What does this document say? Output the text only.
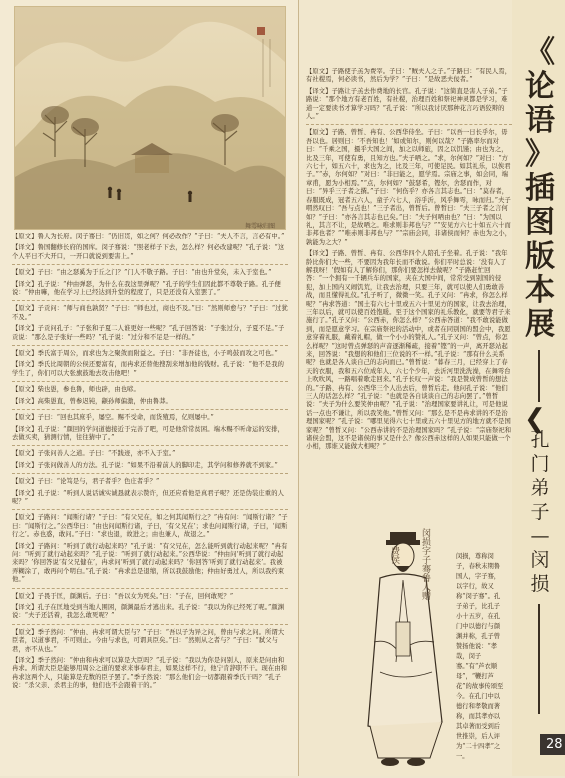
舞雩咏归图
【原文】鲁人为长府。闵子骞曰：“仍旧贯，如之何？何必改作？”子曰：“夫人不言，言必有中。”
【译文】鲁国翻修长府的国库。闵子骞说：“照老样子下去，怎么样？何必改建呢？”孔子说：“这个人平日不大开口，一开口就说到要害上。”
【原文】子曰：“由之瑟奚为于丘之门？”门人不敬子路。子曰：“由也升堂矣，未入于室也。”
【译文】孔子说：“仲由弹瑟，为什么在我这里弹呢？”孔子的学生们因此都不尊敬子路。孔子便说：“仲由嘛，他在学习上已经达到升堂的程度了，只是还没有入室罢了。”
【原文】子贡问：“师与商也孰贤？”子曰：“师也过，商也不及。”曰：“然则师愈与？”子曰：“过犹不及。”
【译文】子贡问孔子：“子张和子夏二人谁更好一些呢？”孔子回答说：“子张过分，子夏不足。”子贡说：“那么是子张好一些吗？”孔子说：“过分和不足是一样的。”
【原文】季氏富于周公，而求也为之聚敛而附益之。子曰：“非吾徒也，小子鸣鼓而攻之可也。”
【译文】季氏比周朝的公侯还要富有，而冉求还替他搜刮来增加他的钱财。孔子说：“他不是我的学生了，你们可以大张旗鼓地去攻击他吧！”
【原文】柴也愚，参也鲁，师也辟，由也喭。
【译文】高柴愚直，曾参迟钝，颛孙师偏激，仲由鲁莽。
【原文】子曰：“回也其庶乎，屡空。赐不受命，而货殖焉，亿则屡中。”
【译文】孔子说：“颜回的学问道德接近于完善了吧，可是他常常贫困。端木赐不听命运的安排，去做买卖，猜测行情，往往猜中了。”
【原文】子张问善人之道。子曰：“不践迹，亦不入于室。”
【译文】子张问做善人的方法。孔子说：“如果不沿着前人的脚印走，其学问和修养就不到家。”
【原文】子曰：“论笃是与，君子者乎？色庄者乎？”
【译文】孔子说：“听到人说话诚实诚恳就表示赞许，但还应看他是真君子呢？还是伪装庄重的人呢？”
【原文】子路问：“闻斯行诸？”子曰：“有父兄在，如之何其闻斯行之？”冉有问：“闻斯行诸？”子曰：“闻斯行之。”公西华曰：“由也问闻斯行诸，子曰，‘有父兄在’；求也问闻斯行诸，子曰，‘闻斯行之’。赤也惑，敢问。”子曰：“求也退，故进之；由也兼人，故退之。”
【译文】子路问：“听到了就行动起来吗？”孔子说：“有父兄在，怎么能听到就行动起来呢？”冉有问：“听到了就行动起来吗？”孔子说：“听到了就行动起来。”公西华说：“仲由问‘听到了就行动起来吗？’你回答说‘有父兄健在’，冉求问‘听到了就行动起来吗？’你回答‘听到了就行动起来’。我被弄糊涂了，敢再问个明白。”孔子说：“冉求总是退缩，所以我鼓励他；仲由好勇过人，所以我约束他。”
【原文】子畏于匡，颜渊后。子曰：“吾以女为死矣。”曰：“子在，回何敢死？”
【译文】孔子在匡地受到当地人围困，颜渊最后才逃出来。孔子说：“我以为你已经死了呢。”颜渊说：“夫子还活着，我怎么敢死呢？”
【原文】季子然问：“仲由、冉求可谓大臣与？”子曰：“吾以子为异之问，曾由与求之问。所谓大臣者，以道事君，不可则止。今由与求也，可谓具臣矣。”曰：“然则从之者与？”子曰：“弑父与君，亦不从也。”
【译文】季子然问：“仲由和冉求可以算是大臣吗？”孔子说：“我以为你是问别人，原来是问由和冉求。所谓大臣是能够用周公之道的要求来事奉君主，如果这样不行，他宁肯辞职不干。现在由和冉求这两个人，只能算是充数的臣子罢了。”季子然说：“那么他们会一切都跟着季氏干吗？”孔子说：“杀父亲、杀君主的事，他们也不会跟着干的。”
【原文】子路使子羔为费宰。子曰：“贼夫人之子。”子路曰：“有民人焉，有社稷焉，何必读书，然后为学？”子曰：“是故恶夫佞者。”
【译文】子路让子羔去作费地的长官。孔子说：“这简直是害人子弟。”子路说：“那个地方有老百姓，有社稷，治理百姓和祭祀神灵都是学习，难道一定要读书才算学习吗？”孔子说：“所以我讨厌那种花言巧语狡辩的人。”
【原文】子路、曾皙、冉有、公西华侍坐。子曰：“以吾一日长乎尔，毋吾以也。居则曰：‘不吾知也！’如或知尔，则何以哉？”子路率尔而对曰：“千乘之国，摄乎大国之间，加之以师旅，因之以饥馑；由也为之，比及三年，可使有勇，且知方也。”夫子哂之。“求，尔何如？”对曰：“方六七十，如五六十，求也为之，比及三年，可使足民。如其礼乐，以俟君子。”“赤，尔何如？”对曰：“非曰能之，愿学焉。宗庙之事，如会同，端章甫，愿为小相焉。”“点，尔何如？”鼓瑟希，铿尔，舍瑟而作，对曰：“异乎三子者之撰。”子曰：“何伤乎？亦各言其志也。”曰：“莫春者，春服既成，冠者五六人，童子六七人，浴乎沂，风乎舞雩，咏而归。”夫子喟然叹曰：“吾与点也！”三子者出，曾皙后。曾皙曰：“夫三子者之言何如？”子曰：“亦各言其志也已矣。”曰：“夫子何哂由也？”曰：“为国以礼，其言不让，是故哂之。唯求则非邦也与？”“安见方六七十如五六十而非邦也者？”“唯赤则非邦也与？”“宗庙会同，非诸侯而何？赤也为之小，孰能为之大？”
【译文】子路、曾皙、冉有、公西华四个人陪孔子坐着。孔子说：“我年龄比你们大一些，不要因为我年长而不敢说。你们平时总说：‘没有人了解我呀！’假如有人了解你们，那你们要怎样去做呢？”子路赶忙回答：“一个拥有一千辆兵车的国家，夹在大国中间，常常受到别国的侵犯，加上国内又闹饥荒，让我去治理，只要三年，就可以使人们勇敢善战，而且懂得礼仪。”孔子听了，微微一笑。孔子又问：“冉求，你怎么样呢？”冉求答道：“国土有六七十里或五六十里见方的国家，让我去治理，三年以后，就可以使百姓饱暖。至于这个国家的礼乐教化，就要等君子来施行了。”孔子又问：“公西赤，你怎么样？”公西赤答道：“我不敢说能做到，而是愿意学习。在宗庙祭祀的活动中，或者在同别国的盟会中，我愿意穿着礼服，戴着礼帽，做一个小小的赞礼人。”孔子又问：“曾点，你怎么样呢？”这时曾点弹瑟的声音逐渐稀疏，接着“铿”的一声，离开瑟站起来，回答说：“我想的和他们三位说的不一样。”孔子说：“那有什么关系呢？也就是各人谈自己的志向而已。”曾皙说：“暮春三月，已经穿上了春天的衣服，我和五六位成年人、六七个少年，去沂河里洗洗澡，在舞雩台上吹吹风，一路唱着歌走回来。”孔子长叹一声说：“我是赞成曾皙的想法的。”子路、冉有、公西华三个人出去后，曾皙后走。他问孔子说：“他们三人的话怎么样？”孔子说：“也就是各自谈谈自己的志向罢了。”曾皙说：“夫子为什么要笑仲由呢？”孔子说：“治理国家要讲礼让，可是他说话一点也不谦让，所以我笑他。”曾皙又问：“那么是不是冉求讲的不是治理国家呢？”孔子说：“哪里见得六七十里或五六十里见方的地方就不是国家呢？”曾皙又问：“公西赤讲的不是治理国家吗？”孔子说：“宗庙祭祀和诸侯会盟，这不是诸侯的事又是什么？像公西赤这样的人如果只能做一个小相，那谁又能做大相呢？”
闵损字子骞鲁人赠
费侯	闵损，尊称闵子，春秋末期鲁国人，字子骞，以字行，故又称“闵子骞”。孔子弟子，比孔子小十五岁，在孔门中以德行与颜渊并称，孔子曾赞扬他说：“孝哉，闵子骞。”有“芦衣顺母”，“鞭打芦花”的故事传颂至今。在孔门中以德行和孝敬而著称，而其孝亦以其卓著而受到后世推崇，后人评为“二十四孝”之一。
《
论
语
》
插
图
版
本
展
❮
孔
门
弟
子
—
闵
损
28
